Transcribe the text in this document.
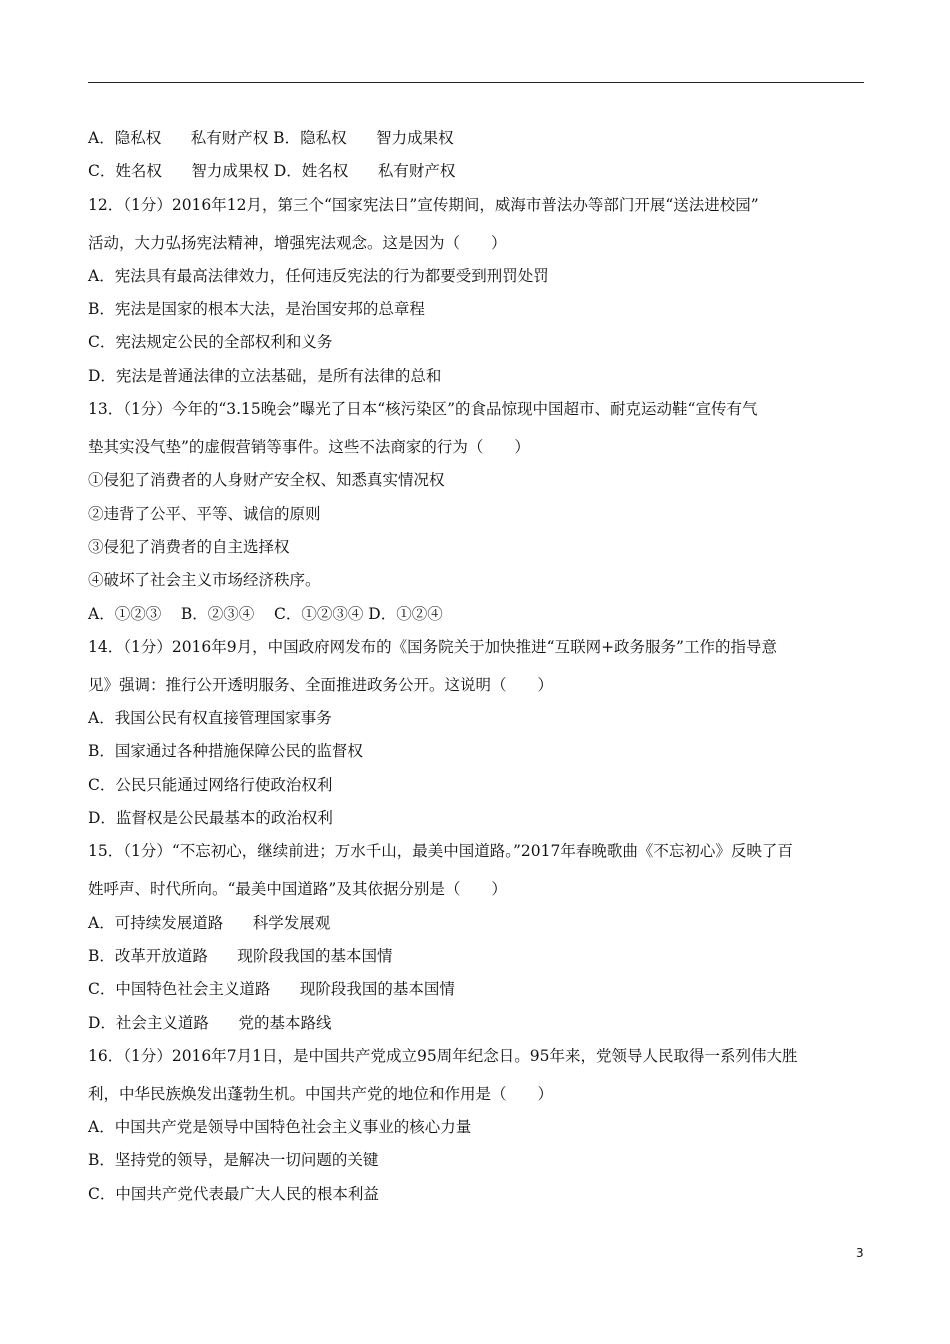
A．隐私权      私有财产权 B．隐私权      智力成果权
C．姓名权      智力成果权 D．姓名权      私有财产权
12．（1分）2016年12月，第三个“国家宪法日”宣传期间，威海市普法办等部门开展“送法进校园”
活动，大力弘扬宪法精神，增强宪法观念。这是因为（　　）
A．宪法具有最高法律效力，任何违反宪法的行为都要受到刑罚处罚
B．宪法是国家的根本大法，是治国安邦的总章程
C．宪法规定公民的全部权利和义务
D．宪法是普通法律的立法基础，是所有法律的总和
13．（1分）今年的“3.15晚会”曝光了日本“核污染区”的食品惊现中国超市、耐克运动鞋“宣传有气
垫其实没气垫”的虚假营销等事件。这些不法商家的行为（　　）
①侵犯了消费者的人身财产安全权、知悉真实情况权
②违背了公平、平等、诚信的原则
③侵犯了消费者的自主选择权
④破坏了社会主义市场经济秩序。
A．①②③    B．②③④    C．①②③④ D．①②④
14．（1分）2016年9月，中国政府网发布的《国务院关于加快推进“互联网+政务服务”工作的指导意
见》强调：推行公开透明服务、全面推进政务公开。这说明（　　）
A．我国公民有权直接管理国家事务
B．国家通过各种措施保障公民的监督权
C．公民只能通过网络行使政治权利
D．监督权是公民最基本的政治权利
15．（1分）“不忘初心，继续前进；万水千山，最美中国道路。”2017年春晚歌曲《不忘初心》反映了百
姓呼声、时代所向。“最美中国道路”及其依据分别是（　　）
A．可持续发展道路      科学发展观
B．改革开放道路      现阶段我国的基本国情
C．中国特色社会主义道路      现阶段我国的基本国情
D．社会主义道路      党的基本路线
16．（1分）2016年7月1日，是中国共产党成立95周年纪念日。95年来，党领导人民取得一系列伟大胜
利，中华民族焕发出蓬勃生机。中国共产党的地位和作用是（　　）
A．中国共产党是领导中国特色社会主义事业的核心力量
B．坚持党的领导，是解决一切问题的关键
C．中国共产党代表最广大人民的根本利益
3
